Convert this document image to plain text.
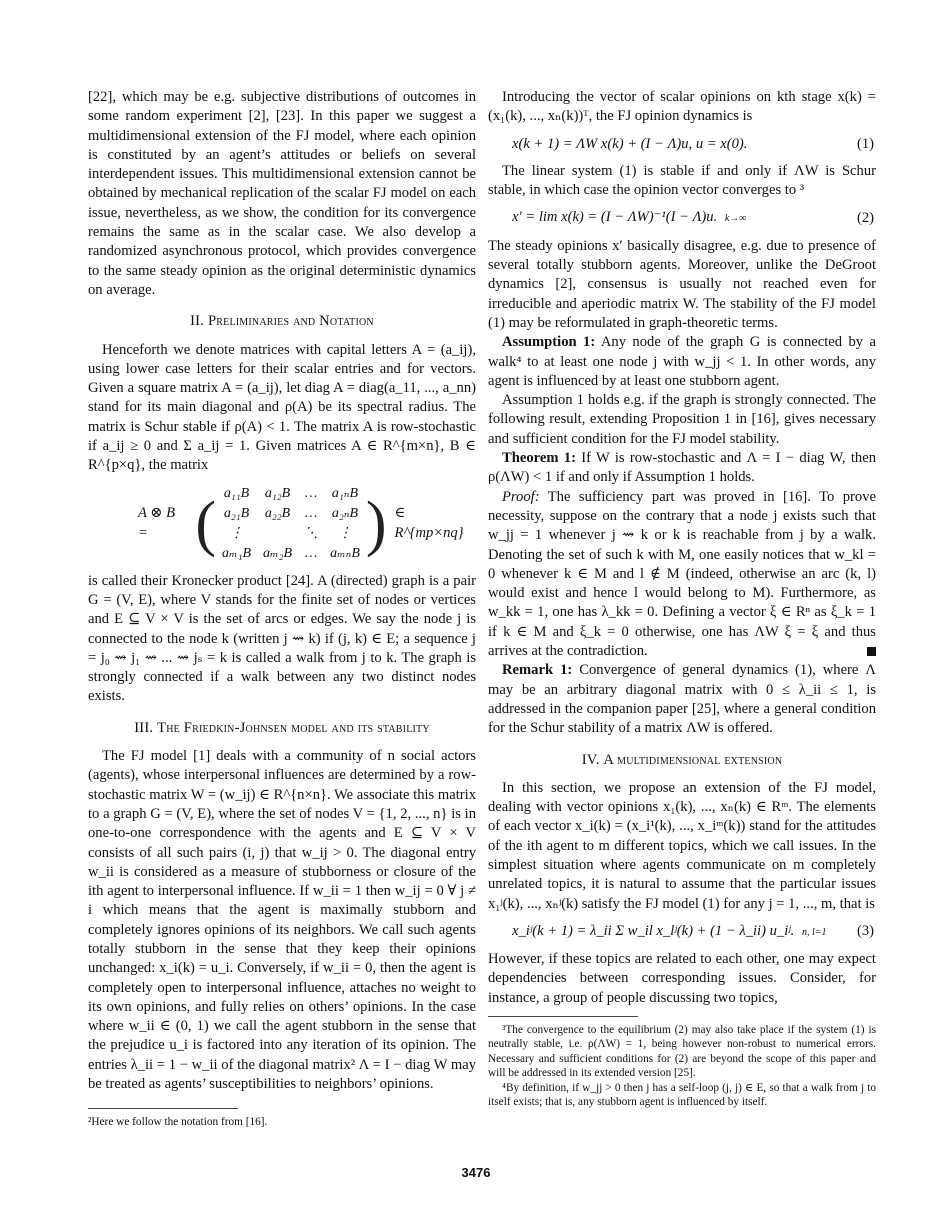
[22], which may be e.g. subjective distributions of outcomes in some random experiment [2], [23]. In this paper we suggest a multidimensional extension of the FJ model, where each opinion is constituted by an agent’s attitudes or beliefs on several interdependent issues. This multidimensional extension cannot be obtained by mechanical replication of the scalar FJ model on each issue, nevertheless, as we show, the condition for its convergence remains the same as in the scalar case. We also develop a randomized asynchronous protocol, which provides convergence to the same steady opinion as the original deterministic dynamics on average.

II. Preliminaries and Notation

Henceforth we denote matrices with capital letters A = (a_ij), using lower case letters for their scalar entries and for vectors. Given a square matrix A = (a_ij), let diag A = diag(a_11, ..., a_nn) stand for its main diagonal and ρ(A) be its spectral radius. The matrix is Schur stable if ρ(A) < 1. The matrix A is row-stochastic if a_ij ≥ 0 and Σ a_ij = 1. Given matrices A ∈ R^{m×n}, B ∈ R^{p×q}, the matrix

A ⊗ B = ( a₁₁B	a₁₂B	…	a₁ₙB
a₂₁B	a₂₂B	…	a₂ₙB
⋮		⋱	⋮
aₘ₁B	aₘ₂B	…	aₘₙB ) ∈ R^{mp×nq}

is called their Kronecker product [24]. A (directed) graph is a pair G = (V, E), where V stands for the finite set of nodes or vertices and E ⊆ V × V is the set of arcs or edges. We say the node j is connected to the node k (written j ⇝ k) if (j, k) ∈ E; a sequence j = j₀ ⇝ j₁ ⇝ ... ⇝ jₛ = k is called a walk from j to k. The graph is strongly connected if a walk between any two distinct nodes exists.

III. The Friedkin-Johnsen model and its stability

The FJ model [1] deals with a community of n social actors (agents), whose interpersonal influences are determined by a row-stochastic matrix W = (w_ij) ∈ R^{n×n}. We associate this matrix to a graph G = (V, E), where the set of nodes V = {1, 2, ..., n} is in one-to-one correspondence with the agents and E ⊆ V × V consists of all such pairs (i, j) that w_ij > 0. The diagonal entry w_ii is considered as a measure of stubborness or closure of the ith agent to interpersonal influence. If w_ii = 1 then w_ij = 0 ∀ j ≠ i which means that the agent is maximally stubborn and completely ignores opinions of its neighbors. We call such agents totally stubborn in the sense that they keep their opinions unchanged: x_i(k) = u_i. Conversely, if w_ii = 0, then the agent is completely open to interpersonal influence, attaches no weight to its own opinions, and fully relies on others’ opinions. In the case where w_ii ∈ (0, 1) we call the agent stubborn in the sense that the prejudice u_i is factored into any iteration of its opinion. The entries λ_ii = 1 − w_ii of the diagonal matrix² Λ = I − diag W may be treated as agents’ susceptibilities to neighbors’ opinions.

²Here we follow the notation from [16].

Introducing the vector of scalar opinions on kth stage x(k) = (x₁(k), ..., xₙ(k))ᵀ, the FJ opinion dynamics is

x(k + 1) = ΛW x(k) + (I − Λ)u, u = x(0).	(1)

The linear system (1) is stable if and only if ΛW is Schur stable, in which case the opinion vector converges to ³

x′ = lim x(k) = (I − ΛW)⁻¹(I − Λ)u. k→∞	(2)

The steady opinions x′ basically disagree, e.g. due to presence of several totally stubborn agents. Moreover, unlike the DeGroot dynamics [2], consensus is usually not reached even for irreducible and aperiodic matrix W. The stability of the FJ model (1) may be reformulated in graph-theoretic terms.

Assumption 1: Any node of the graph G is connected by a walk⁴ to at least one node j with w_jj < 1. In other words, any agent is influenced by at least one stubborn agent.

Assumption 1 holds e.g. if the graph is strongly connected. The following result, extending Proposition 1 in [16], gives necessary and sufficient condition for the FJ model stability.

Theorem 1: If W is row-stochastic and Λ = I − diag W, then ρ(ΛW) < 1 if and only if Assumption 1 holds.

Proof: The sufficiency part was proved in [16]. To prove necessity, suppose on the contrary that a node j exists such that w_jj = 1 whenever j ⇝ k or k is reachable from j by a walk. Denoting the set of such k with M, one easily notices that w_kl = 0 whenever k ∈ M and l ∉ M (indeed, otherwise an arc (k, l) would exist and hence l would belong to M). Furthermore, as w_kk = 1, one has λ_kk = 0. Defining a vector ξ ∈ Rⁿ as ξ_k = 1 if k ∈ M and ξ_k = 0 otherwise, one has ΛW ξ = ξ and thus arrives at the contradiction.

Remark 1: Convergence of general dynamics (1), where Λ may be an arbitrary diagonal matrix with 0 ≤ λ_ii ≤ 1, is addressed in the companion paper [25], where a general condition for the Schur stability of a matrix ΛW is offered.

IV. A multidimensional extension

In this section, we propose an extension of the FJ model, dealing with vector opinions x₁(k), ..., xₙ(k) ∈ Rᵐ. The elements of each vector x_i(k) = (x_i¹(k), ..., x_iᵐ(k)) stand for the attitudes of the ith agent to m different topics, which we call issues. In the simplest situation where agents communicate on m completely unrelated topics, it is natural to assume that the particular issues x₁ʲ(k), ..., xₙʲ(k) satisfy the FJ model (1) for any j = 1, ..., m, that is

x_iʲ(k + 1) = λ_ii Σ w_il x_lʲ(k) + (1 − λ_ii) u_iʲ. n, l=1 (3)

However, if these topics are related to each other, one may expect dependencies between corresponding issues. Consider, for instance, a group of people discussing two topics,

³The convergence to the equilibrium (2) may also take place if the system (1) is neutrally stable, i.e. ρ(ΛW) = 1, being however non-robust to numerical errors. Necessary and sufficient conditions for (2) are beyond the scope of this paper and will be addressed in its extended version [25].

⁴By definition, if w_jj > 0 then j has a self-loop (j, j) ∈ E, so that a walk from j to itself exists; that is, any stubborn agent is influenced by itself.

3476
